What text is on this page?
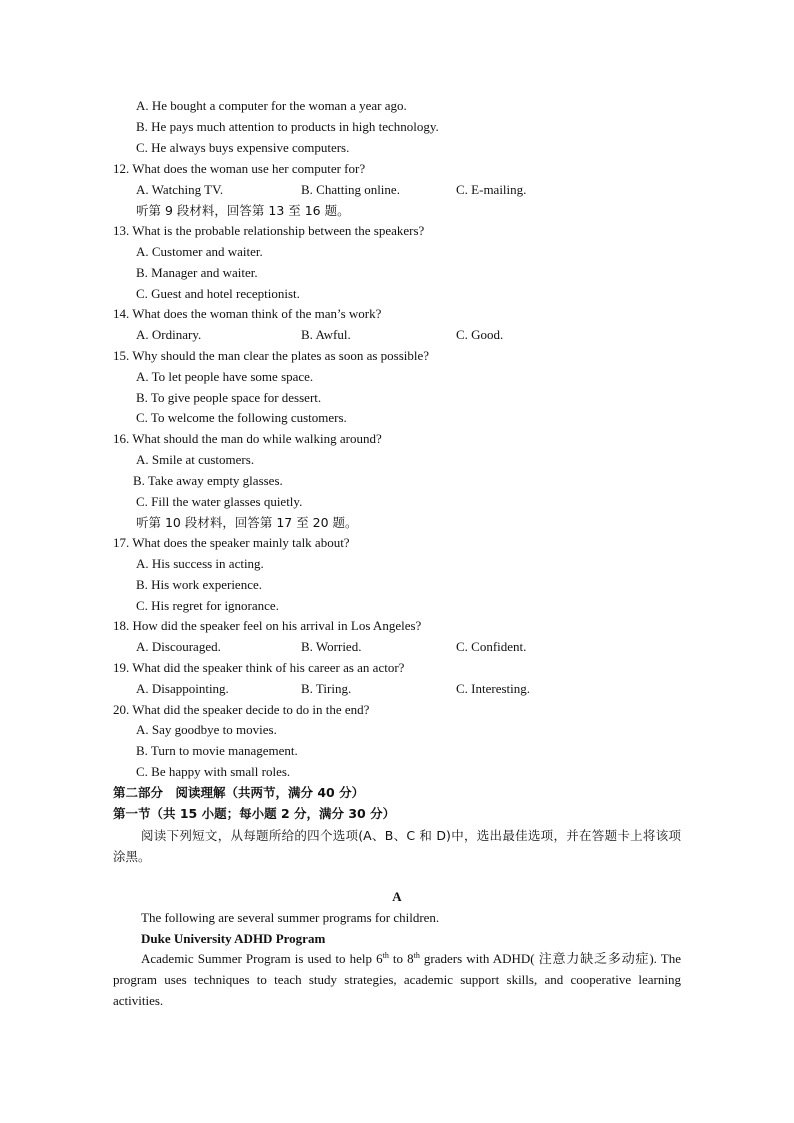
A. He bought a computer for the woman a year ago.
B. He pays much attention to products in high technology.
C. He always buys expensive computers.
12. What does the woman use her computer for?
A. Watching TV.	B. Chatting online.	C. E-mailing.
听第 9 段材料，回答第 13 至 16 题。
13. What is the probable relationship between the speakers?
A. Customer and waiter.
B. Manager and waiter.
C. Guest and hotel receptionist.
14. What does the woman think of the man’s work?
A. Ordinary.	B. Awful.	C. Good.
15. Why should the man clear the plates as soon as possible?
A. To let people have some space.
B. To give people space for dessert.
C. To welcome the following customers.
16. What should the man do while walking around?
A. Smile at customers.
B. Take away empty glasses.
C. Fill the water glasses quietly.
听第 10 段材料，回答第 17 至 20 题。
17. What does the speaker mainly talk about?
A. His success in acting.
B. His work experience.
C. His regret for ignorance.
18. How did the speaker feel on his arrival in Los Angeles?
A. Discouraged.	B. Worried.	C. Confident.
19. What did the speaker think of his career as an actor?
A. Disappointing.	B. Tiring.	C. Interesting.
20. What did the speaker decide to do in the end?
A. Say goodbye to movies.
B. Turn to movie management.
C. Be happy with small roles.
第二部分　阅读理解（共两节，满分 40 分）
第一节（共 15 小题；每小题 2 分，满分 30 分）
阅读下列短文，从每题所给的四个选项(A、B、C 和 D)中，选出最佳选项，并在答题卡上将该项涂黑。
A
The following are several summer programs for children.
Duke University ADHD Program
Academic Summer Program is used to help 6th to 8th graders with ADHD( 注意力缺乏多动症). The program uses techniques to teach study strategies, academic support skills, and cooperative learning activities.
